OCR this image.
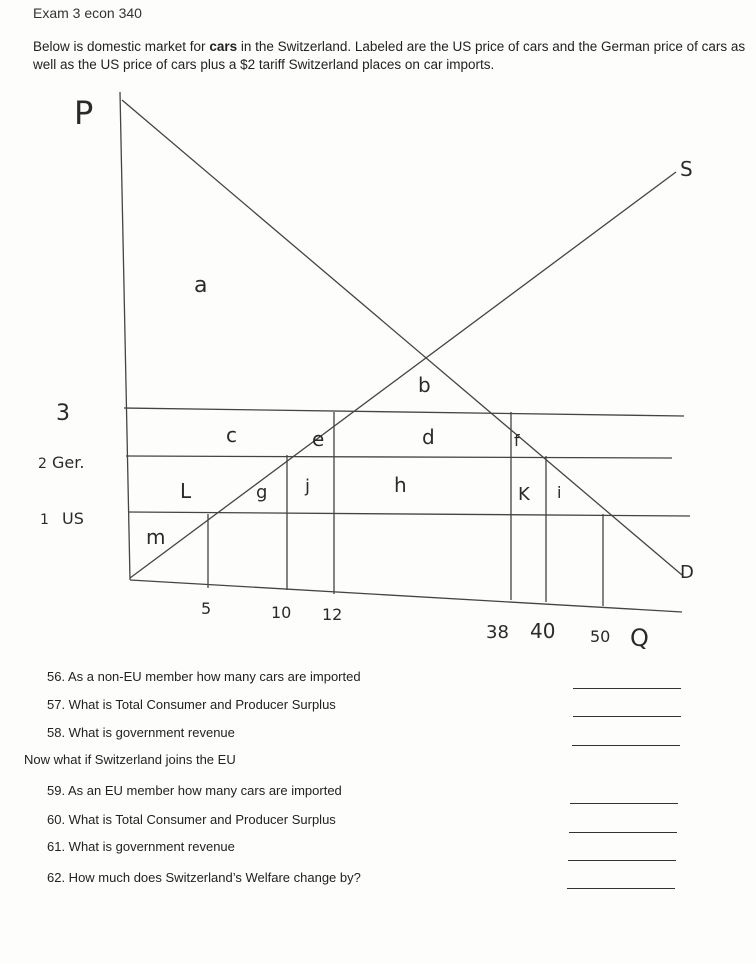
Exam 3 econ 340
Below is domestic market for cars in the Switzerland. Labeled are the US price of cars and the German price of cars as well as the US price of cars plus a $2 tariff Switzerland places on car imports.
P
Q
S
D
3
2 Ger.
1 US
5	10 12
38 40 50
a
b
c	d
e	f
g	h	i
j	K
L
m
56. As a non-EU member how many cars are imported
57. What is Total Consumer and Producer Surplus
58. What is government revenue
Now what if Switzerland joins the EU
59. As an EU member how many cars are imported
60. What is Total Consumer and Producer Surplus
61. What is government revenue
62. How much does Switzerland’s Welfare change by?
